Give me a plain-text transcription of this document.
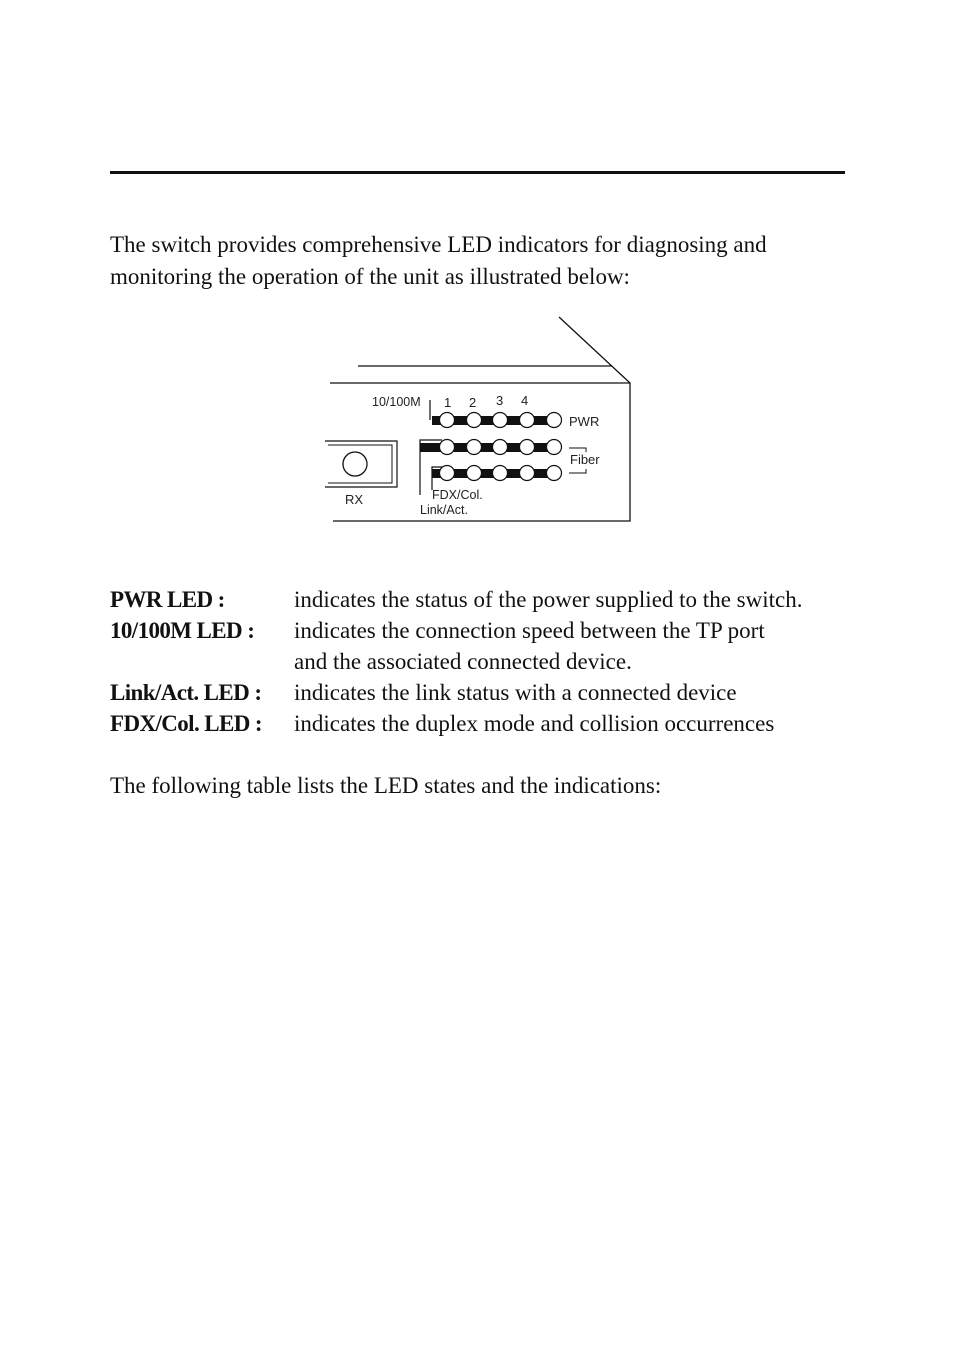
The switch provides comprehensive LED indicators for diagnosing and
monitoring the operation of the unit as illustrated below:

RX
10/100M 1 2 3 4
PWR
Fiber
FDX/Col.
Link/Act.
PWR LED :	indicates the status of the power supplied to the switch.
10/100M LED :	indicates the connection speed between the TP port
and the associated connected device.
Link/Act. LED :	indicates the link status with a connected device
FDX/Col. LED :	indicates the duplex mode and collision occurrences

The following table lists the LED states and the indications:
